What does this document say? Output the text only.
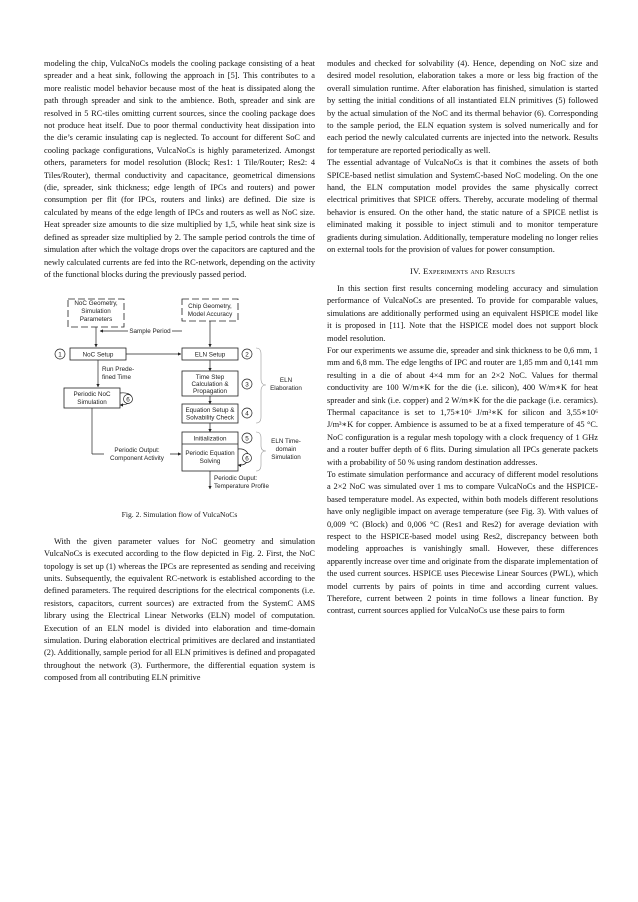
modeling the chip, VulcaNoCs models the cooling package consisting of a heat spreader and a heat sink, following the approach in [5]. This contributes to a more realistic model behavior because most of the heat is dissipated along the path through spreader and sink to the ambience. Both, spreader and sink are resolved in 5 RC-tiles omitting current sources, since the cooling package does not produce heat itself. Due to poor thermal conductivity heat dissipation into the die’s ceramic insulating cap is neglected. To account for different SoC and cooling package configurations, VulcaNoCs is highly parameterized. Amongst others, parameters for model resolution (Block; Res1: 1 Tile/Router; Res2: 4 Tiles/Router), thermal conductivity and capacitance, geometrical dimensions (die, spreader, sink thickness; edge length of IPCs and routers) and power consumption per flit (for IPCs, routers and links) are defined. Die size is calculated by means of the edge length of IPCs and routers as well as NoC size. Heat spreader size amounts to die size multiplied by 1,5, while heat sink size is defined as spreader size multiplied by 2. The sample period controls the time of simulation after which the voltage drops over the capacitors are captured and the newly calculated currents are fed into the RC-network, depending on the activity of the functional blocks during the previously passed period.

NoC Geometry,
Simulation
Parameters
Chip Geometry,
Model Accuracy
Sample Period
NoC Setup
1	ELN Setup	2
Run Prede-
fined Time
Periodic NoC
Simulation	6
Time Step
Calculation &
Propagation
3
Equation Setup &
Solvability Check
4
ELN
Elaboration
Initialization
Periodic Equation
Solving
5
6
ELN Time-
domain
Simulation
Periodic Output:
Component Activity
Periodic Ouput:
Temperature Profile
Fig. 2. Simulation flow of VulcaNoCs

With the given parameter values for NoC geometry and simulation VulcaNoCs is executed according to the flow depicted in Fig. 2. First, the NoC topology is set up (1) whereas the IPCs are represented as sending and receiving units. Subsequently, the equivalent RC-network is established according to the defined parameters. The required descriptions for the electrical components (i.e. resistors, capacitors, current sources) are extracted from the SystemC AMS library using the Electrical Linear Networks (ELN) model of computation. Execution of an ELN model is divided into elaboration and time-domain simulation. During elaboration electrical primitives are declared and instantiated (2). Additionally, sample period for all ELN primitives is defined and propagated throughout the network (3). Furthermore, the differential equation system is composed from all contributing ELN primitive

modules and checked for solvability (4). Hence, depending on NoC size and desired model resolution, elaboration takes a more or less big fraction of the overall simulation runtime. After elaboration has finished, simulation is started by setting the initial conditions of all instantiated ELN primitives (5) followed by the actual simulation of the NoC and its thermal behavior (6). Corresponding to the sample period, the ELN equation system is solved numerically and for each period the newly calculated currents are injected into the network. Results for temperature are reported periodically as well.

The essential advantage of VulcaNoCs is that it combines the assets of both SPICE-based netlist simulation and SystemC-based NoC modeling. On the one hand, the ELN computation model provides the same physically correct electrical primitives that SPICE offers. Thereby, accurate modeling of thermal behavior is ensured. On the other hand, the static nature of a SPICE netlist is eliminated making it possible to inject stimuli and to monitor temperature gradients during simulation. Additionally, temperature modeling no longer relies on external tools for the provision of values for power consumption.

IV. Experiments and Results

In this section first results concerning modeling accuracy and simulation performance of VulcaNoCs are presented. To provide for comparable values, simulations are additionally performed using an equivalent HSPICE model like it is proposed in [11]. Note that the HSPICE model does not support block model resolution.

For our experiments we assume die, spreader and sink thickness to be 0,6 mm, 1 mm and 6,8 mm. The edge lengths of IPC and router are 1,85 mm and 0,141 mm resulting in a die of about 4×4 mm for an 2×2 NoC. Values for thermal conductivity are 100 W/m∗K for the die (i.e. silicon), 400 W/m∗K for heat spreader and sink (i.e. copper) and 2 W/m∗K for the die package (i.e. ceramics). Thermal capacitance is set to 1,75∗10⁶ J/m³∗K for silicon and 3,55∗10⁶ J/m³∗K for copper. Ambience is assumed to be at a fixed temperature of 45 °C. NoC configuration is a regular mesh topology with a clock frequency of 1 GHz and a router buffer depth of 6 flits. During simulation all IPCs generate packets with a probability of 50 % using random destination addresses.

To estimate simulation performance and accuracy of different model resolutions a 2×2 NoC was simulated over 1 ms to compare VulcaNoCs and the HSPICE-based temperature model. As expected, within both models different resolutions have only negligible impact on average temperature (see Fig. 3). With values of 0,009 °C (Block) and 0,006 °C (Res1 and Res2) for average deviation with respect to the HSPICE-based model using Res2, discrepancy between both modeling approaches is vanishingly small. However, these differences apparently increase over time and originate from the disparate implementation of the used current sources. HSPICE uses Piecewise Linear Sources (PWL), which model currents by pairs of points in time and according current values. Therefore, current between 2 points in time follows a linear function. By contrast, current sources applied for VulcaNoCs use these pairs to form
